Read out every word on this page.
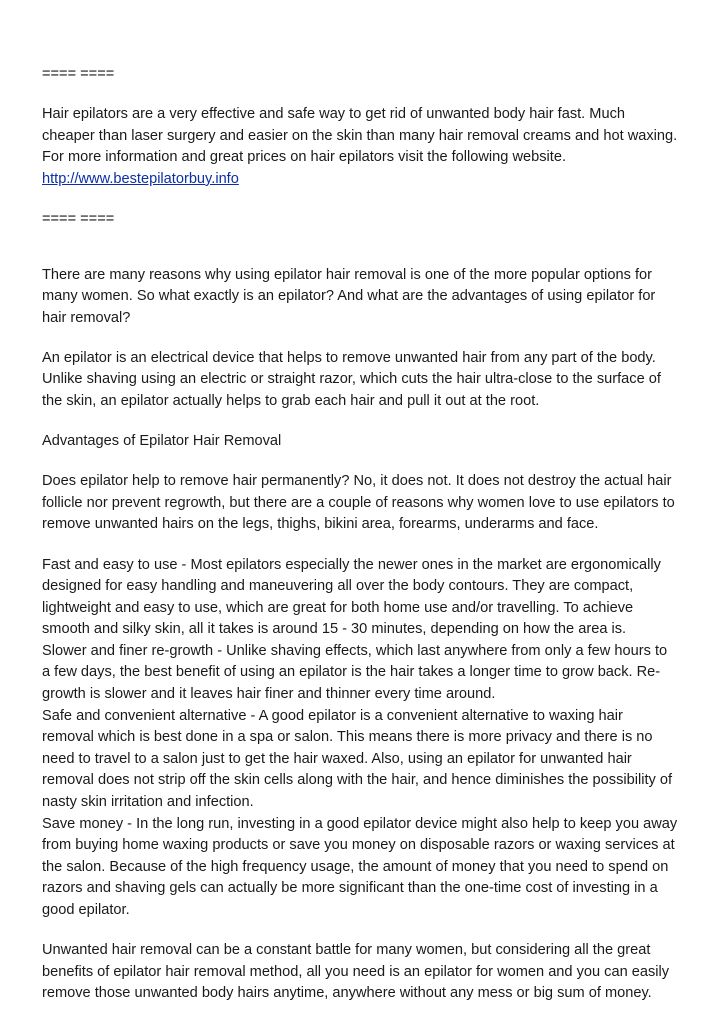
==== ====

Hair epilators are a very effective and safe way to get rid of unwanted body hair fast. Much
cheaper than laser surgery and easier on the skin than many hair removal creams and hot waxing.
For more information and great prices on hair epilators visit the following website.

http://www.bestepilatorbuy.info

==== ====

There are many reasons why using epilator hair removal is one of the more popular options for
many women. So what exactly is an epilator? And what are the advantages of using epilator for
hair removal?

An epilator is an electrical device that helps to remove unwanted hair from any part of the body.
Unlike shaving using an electric or straight razor, which cuts the hair ultra-close to the surface of
the skin, an epilator actually helps to grab each hair and pull it out at the root.

Advantages of Epilator Hair Removal

Does epilator help to remove hair permanently? No, it does not. It does not destroy the actual hair
follicle nor prevent regrowth, but there are a couple of reasons why women love to use epilators to
remove unwanted hairs on the legs, thighs, bikini area, forearms, underarms and face.

Fast and easy to use - Most epilators especially the newer ones in the market are ergonomically
designed for easy handling and maneuvering all over the body contours. They are compact,
lightweight and easy to use, which are great for both home use and/or travelling. To achieve
smooth and silky skin, all it takes is around 15 - 30 minutes, depending on how the area is.

Slower and finer re-growth - Unlike shaving effects, which last anywhere from only a few hours to
a few days, the best benefit of using an epilator is the hair takes a longer time to grow back. Re-
growth is slower and it leaves hair finer and thinner every time around.

Safe and convenient alternative - A good epilator is a convenient alternative to waxing hair
removal which is best done in a spa or salon. This means there is more privacy and there is no
need to travel to a salon just to get the hair waxed. Also, using an epilator for unwanted hair
removal does not strip off the skin cells along with the hair, and hence diminishes the possibility of
nasty skin irritation and infection.

Save money - In the long run, investing in a good epilator device might also help to keep you away
from buying home waxing products or save you money on disposable razors or waxing services at
the salon. Because of the high frequency usage, the amount of money that you need to spend on
razors and shaving gels can actually be more significant than the one-time cost of investing in a
good epilator.

Unwanted hair removal can be a constant battle for many women, but considering all the great
benefits of epilator hair removal method, all you need is an epilator for women and you can easily
remove those unwanted body hairs anytime, anywhere without any mess or big sum of money.
